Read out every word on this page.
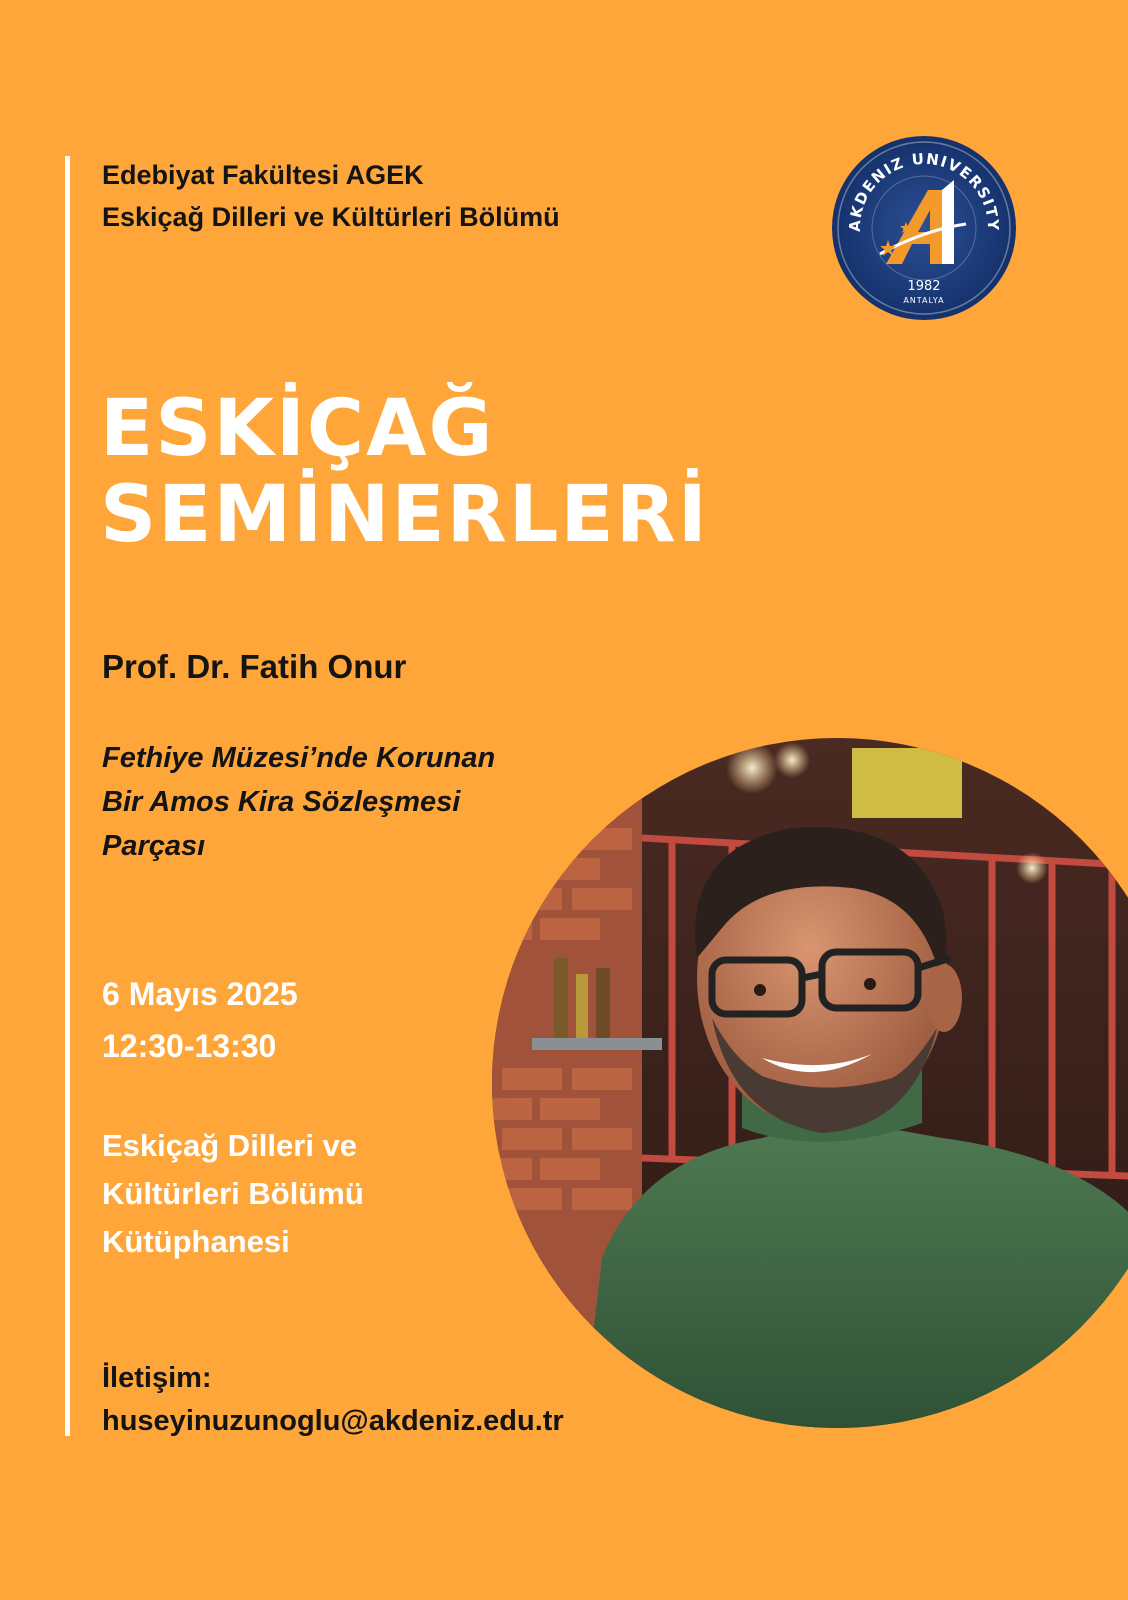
Edebiyat Fakültesi AGEK
Eskiçağ Dilleri ve Kültürleri Bölümü	AKDENIZ UNIVERSITY
1982
ANTALYA
ESKİÇAĞ
SEMİNERLERİ
Prof. Dr. Fatih Onur
Fethiye Müzesi’nde Korunan
Bir Amos Kira Sözleşmesi
Parçası
6 Mayıs 2025
12:30-13:30
Eskiçağ Dilleri ve
Kültürleri Bölümü
Kütüphanesi
İletişim:
huseyinuzunoglu@akdeniz.edu.tr
